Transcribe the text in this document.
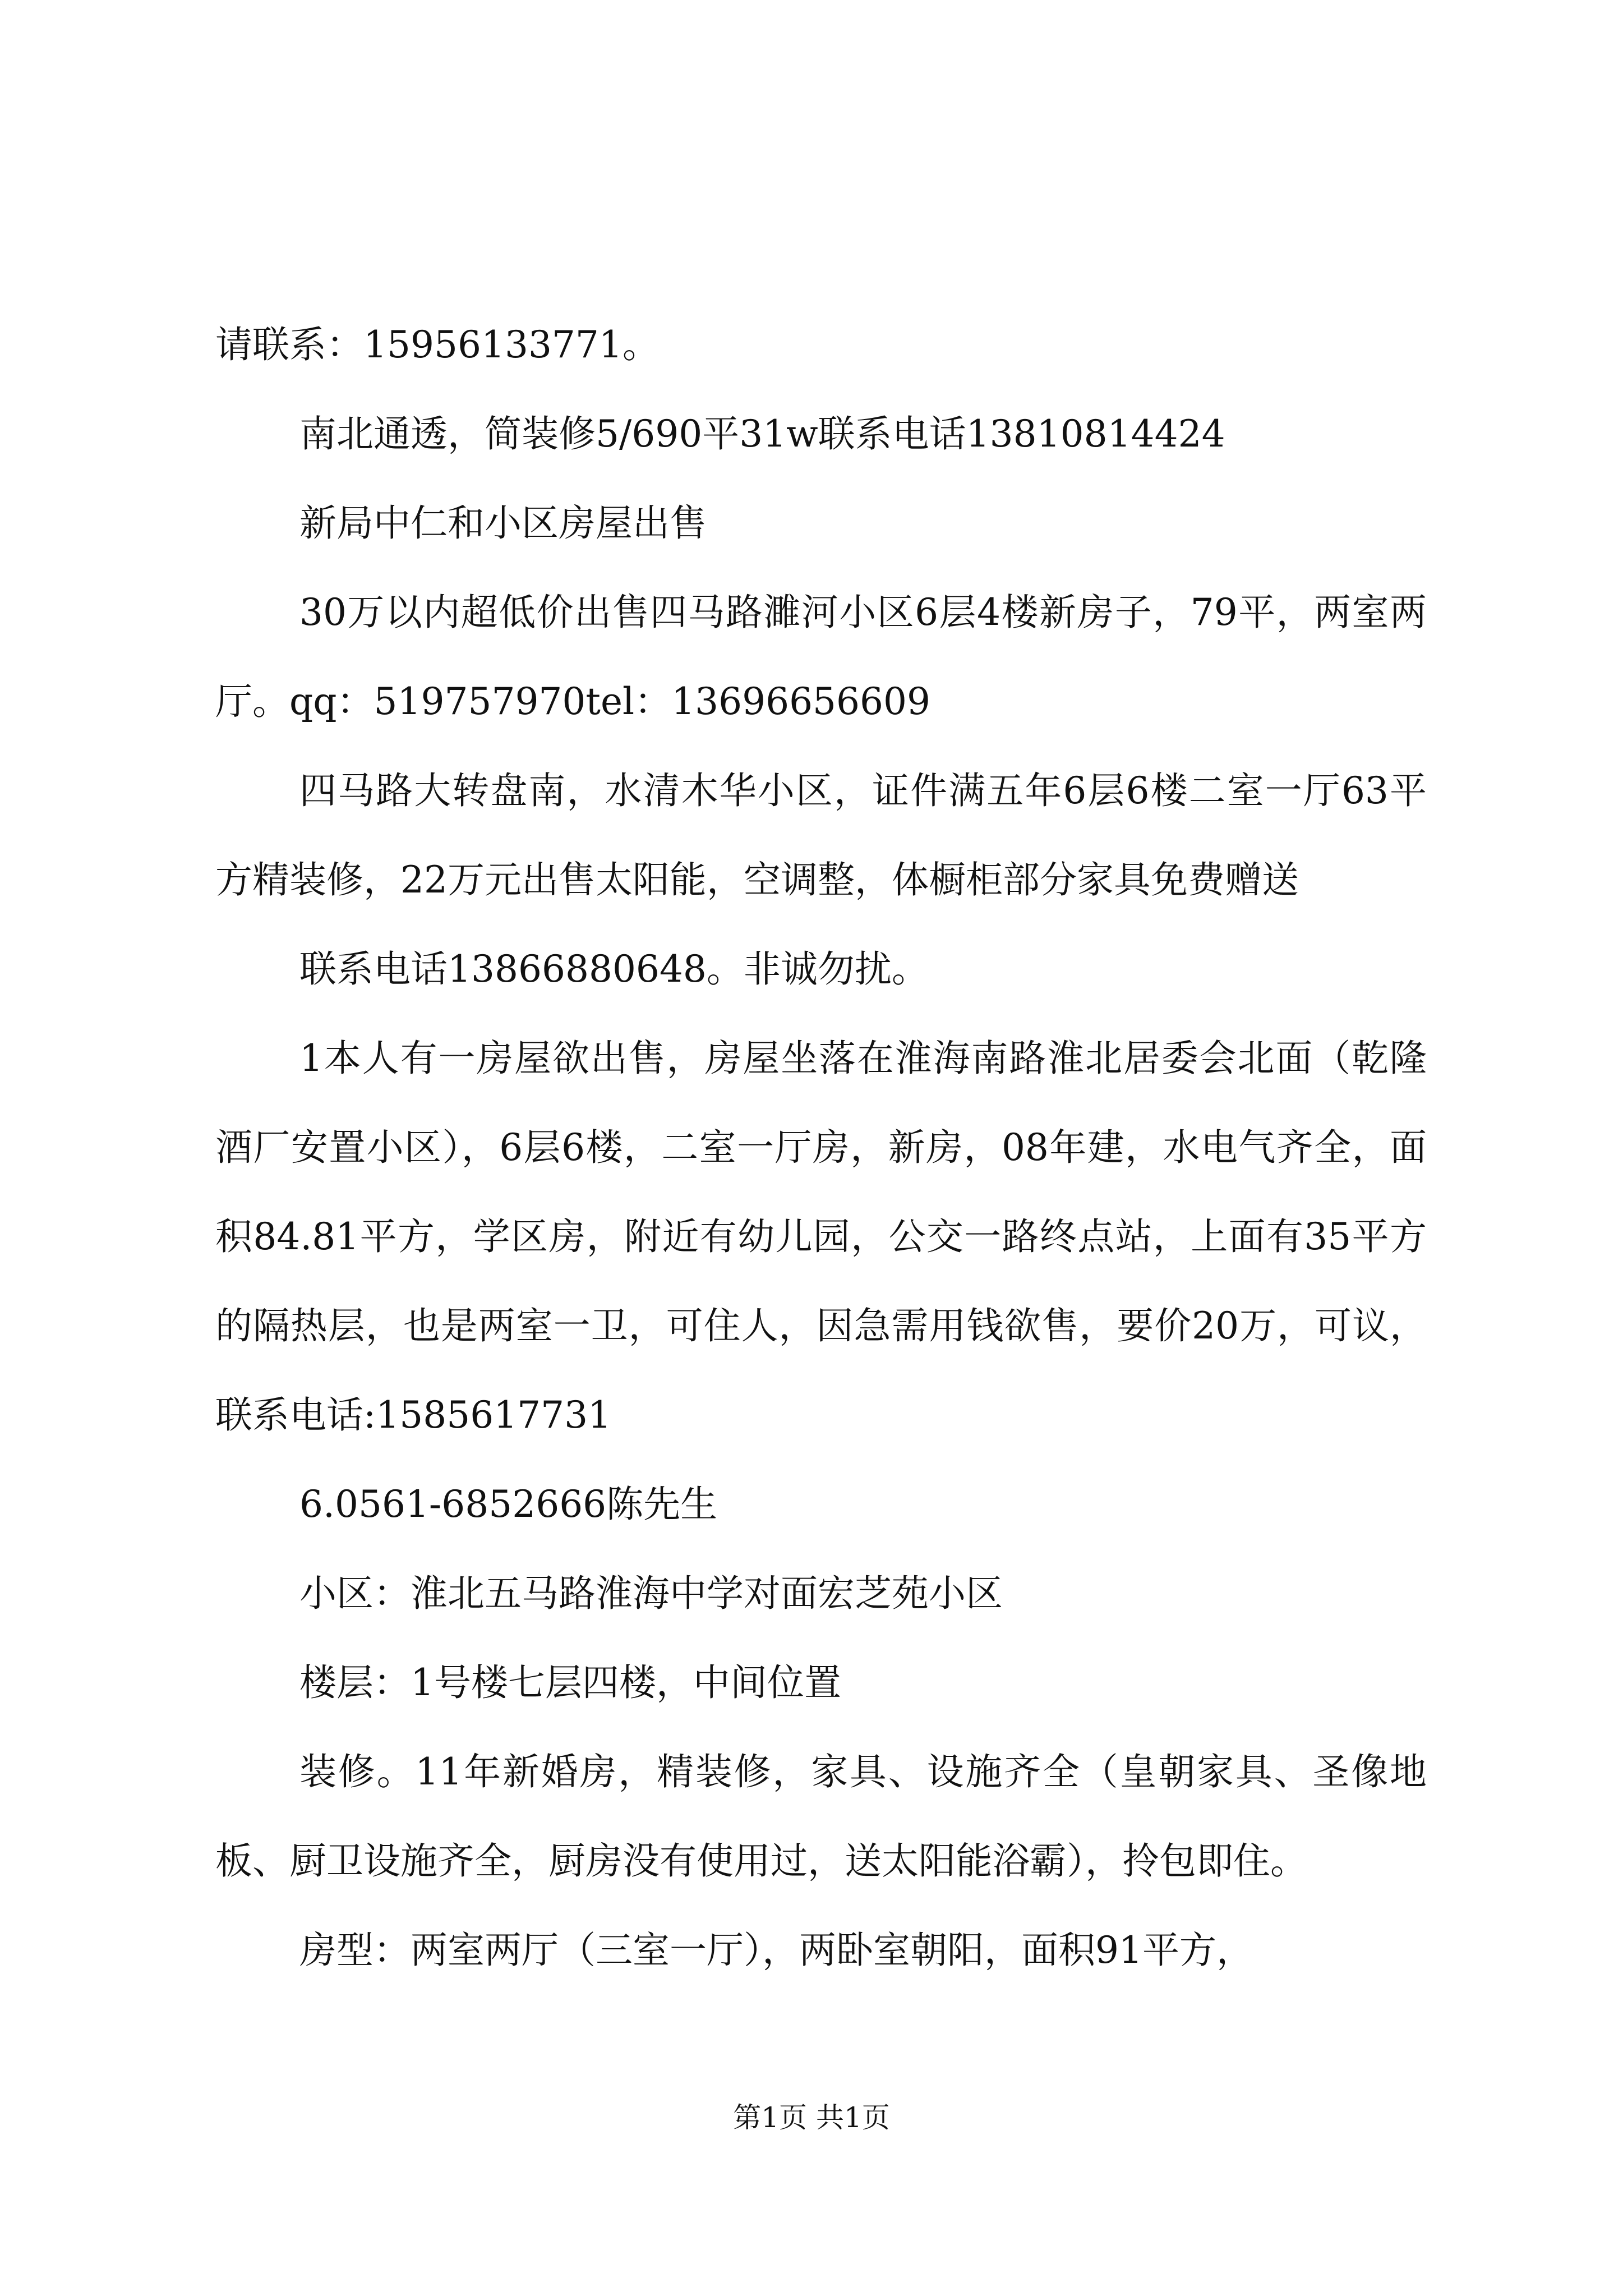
请联系：15956133771。

南北通透，简装修5/690平31w联系电话13810814424

新局中仁和小区房屋出售

30万以内超低价出售四马路濉河小区6层4楼新房子，79平，两室两厅。qq：519757970tel：13696656609

四马路大转盘南，水清木华小区，证件满五年6层6楼二室一厅63平方精装修，22万元出售太阳能，空调整，体橱柜部分家具免费赠送

联系电话13866880648。非诚勿扰。

1本人有一房屋欲出售，房屋坐落在淮海南路淮北居委会北面（乾隆酒厂安置小区），6层6楼，二室一厅房，新房，08年建，水电气齐全，面积84.81平方，学区房，附近有幼儿园，公交一路终点站，上面有35平方的隔热层，也是两室一卫，可住人，因急需用钱欲售，要价20万，可议，联系电话:1585617731

6.0561-6852666陈先生

小区：淮北五马路淮海中学对面宏芝苑小区

楼层：1号楼七层四楼，中间位置

装修。11年新婚房，精装修，家具、设施齐全（皇朝家具、圣像地板、厨卫设施齐全，厨房没有使用过，送太阳能浴霸），拎包即住。

房型：两室两厅（三室一厅），两卧室朝阳，面积91平方，

第1页 共1页
